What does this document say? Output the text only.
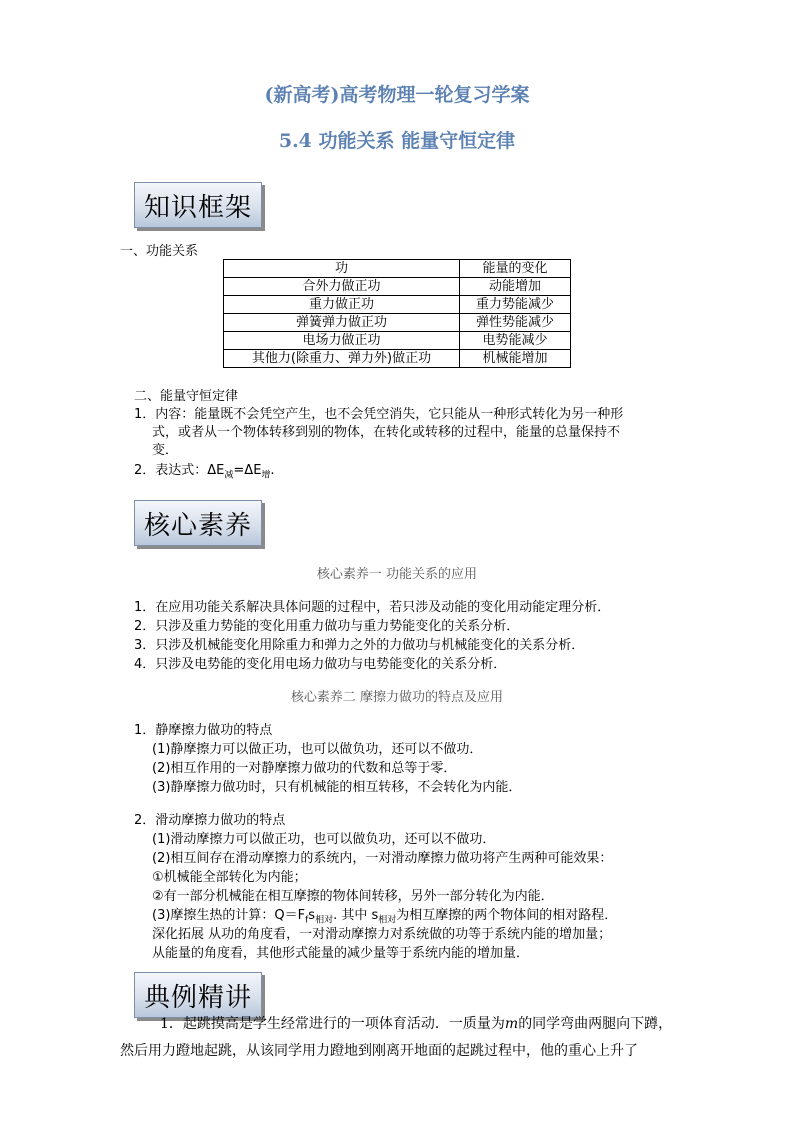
(新高考)高考物理一轮复习学案
5.4 功能关系 能量守恒定律
知识框架
一、功能关系
功	能量的变化
合外力做正功	动能增加
重力做正功	重力势能减少
弹簧弹力做正功	弹性势能减少
电场力做正功	电势能减少
其他力(除重力、弹力外)做正功	机械能增加
二、能量守恒定律
1．内容：能量既不会凭空产生，也不会凭空消失，它只能从一种形式转化为另一种形
式，或者从一个物体转移到别的物体，在转化或转移的过程中，能量的总量保持不
变．
2．表达式：$\Delta E_减=\Delta E_增$.
核心素养
核心素养一 功能关系的应用
1．在应用功能关系解决具体问题的过程中，若只涉及动能的变化用动能定理分析．
2．只涉及重力势能的变化用重力做功与重力势能变化的关系分析．
3．只涉及机械能变化用除重力和弹力之外的力做功与机械能变化的关系分析．
4．只涉及电势能的变化用电场力做功与电势能变化的关系分析．
核心素养二 摩擦力做功的特点及应用
1．静摩擦力做功的特点
(1)静摩擦力可以做正功，也可以做负功，还可以不做功．
(2)相互作用的一对静摩擦力做功的代数和总等于零．
(3)静摩擦力做功时，只有机械能的相互转移，不会转化为内能．
2．滑动摩擦力做功的特点
(1)滑动摩擦力可以做正功，也可以做负功，还可以不做功．
(2)相互间存在滑动摩擦力的系统内，一对滑动摩擦力做功将产生两种可能效果：
①机械能全部转化为内能；
②有一部分机械能在相互摩擦的物体间转移，另外一部分转化为内能．
(3)摩擦生热的计算：$Q=F_fs_{相对}$. 其中 $s_{相对}$为相互摩擦的两个物体间的相对路程．
深化拓展 从功的角度看，一对滑动摩擦力对系统做的功等于系统内能的增加量；
从能量的角度看，其他形式能量的减少量等于系统内能的增加量．
典例精讲
1．起跳摸高是学生经常进行的一项体育活动．一质量为m的同学弯曲两腿向下蹲，
然后用力蹬地起跳，从该同学用力蹬地到刚离开地面的起跳过程中，他的重心上升了
